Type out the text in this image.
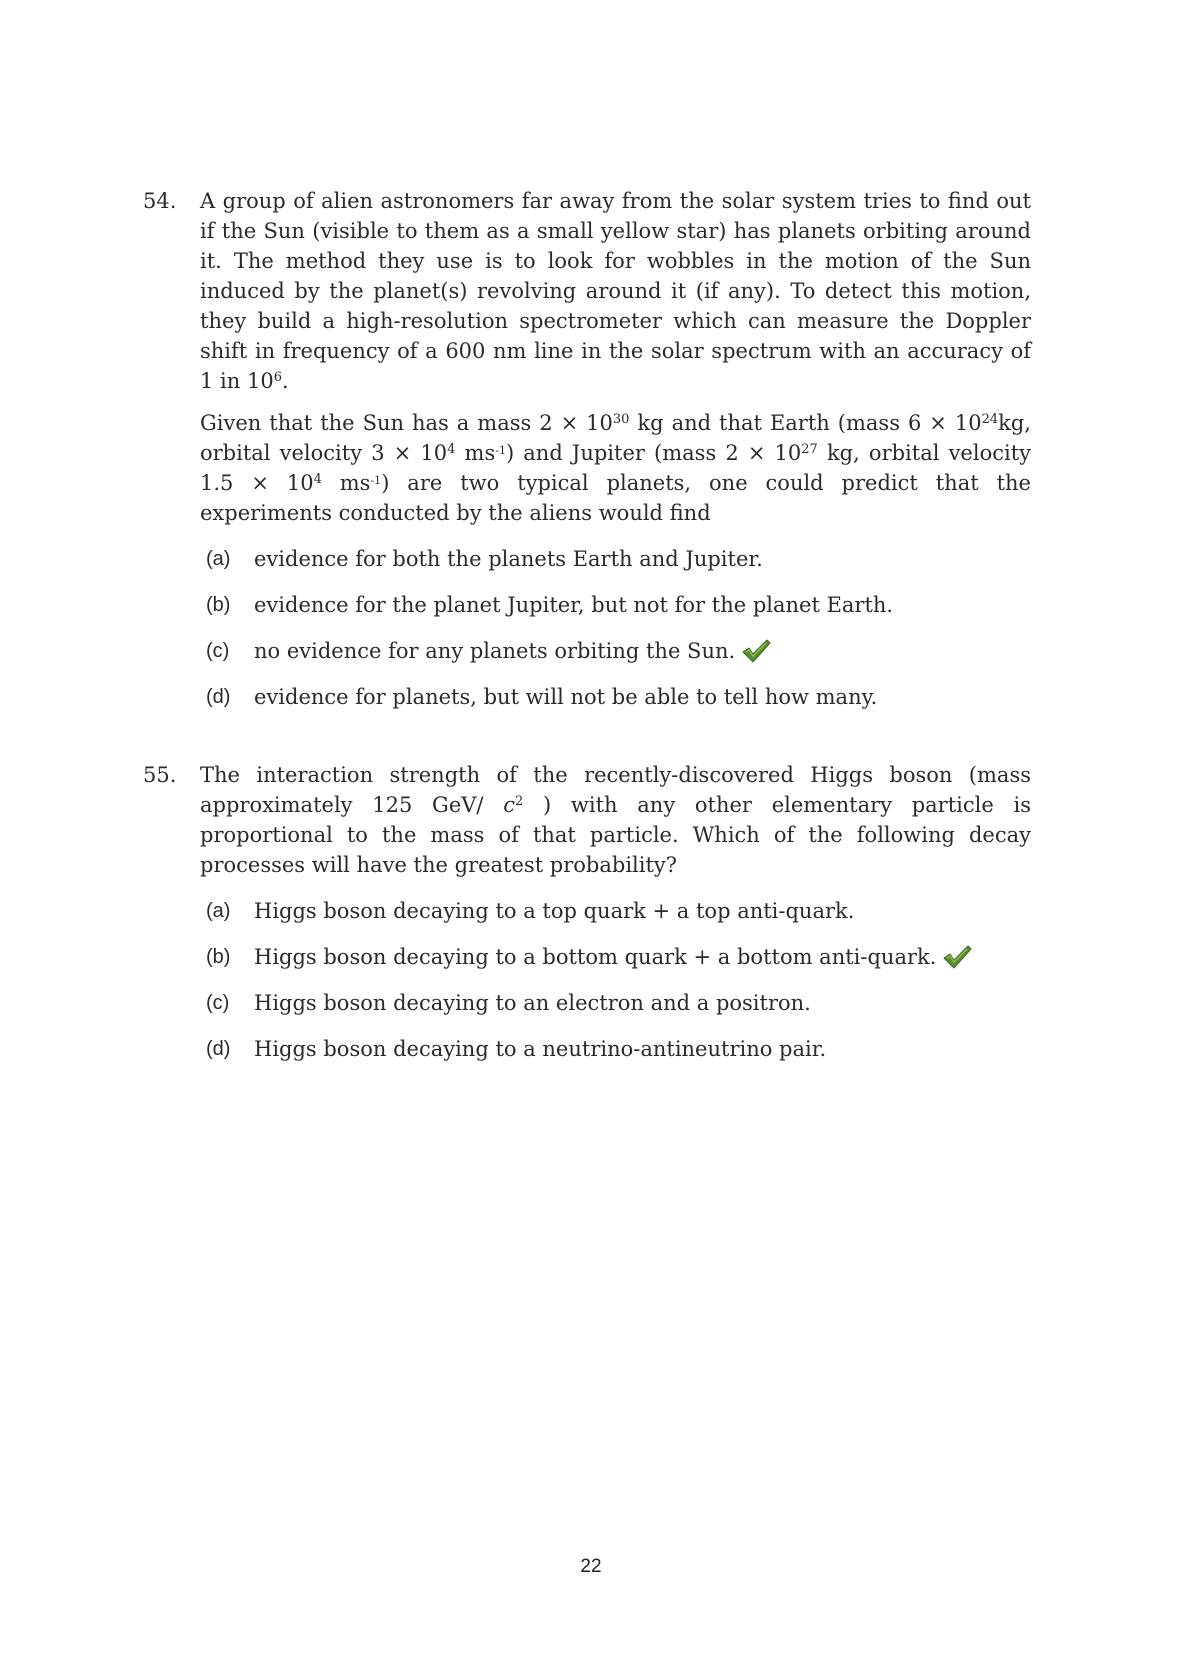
54. A group of alien astronomers far away from the solar system tries to find out if the Sun (visible to them as a small yellow star) has planets orbiting around it. The method they use is to look for wobbles in the motion of the Sun induced by the planet(s) revolving around it (if any). To detect this motion, they build a high-resolution spectrometer which can measure the Doppler shift in frequency of a 600 nm line in the solar spectrum with an accuracy of 1 in $10^6$.

Given that the Sun has a mass $2 \times 10^{30}$ kg and that Earth (mass $6 \times 10^{24}kg$, orbital velocity $3 \times 10^4$ $ms^{-1}$) and Jupiter (mass $2 \times 10^{27}$ kg, orbital velocity $1.5 \times 10^4$ $ms^{-1}$) are two typical planets, one could predict that the experiments conducted by the aliens would find

(a)	evidence for both the planets Earth and Jupiter.
(b)	evidence for the planet Jupiter, but not for the planet Earth.
(c)	no evidence for any planets orbiting the Sun.
(d)	evidence for planets, but will not be able to tell how many.
55. The interaction strength of the recently-discovered Higgs boson (mass approximately 125 GeV/ $c^2$ ) with any other elementary particle is proportional to the mass of that particle. Which of the following decay processes will have the greatest probability?

(a)	Higgs boson decaying to a top quark + a top anti-quark.
(b)	Higgs boson decaying to a bottom quark + a bottom anti-quark.
(c)	Higgs boson decaying to an electron and a positron.
(d)	Higgs boson decaying to a neutrino-antineutrino pair.
22
